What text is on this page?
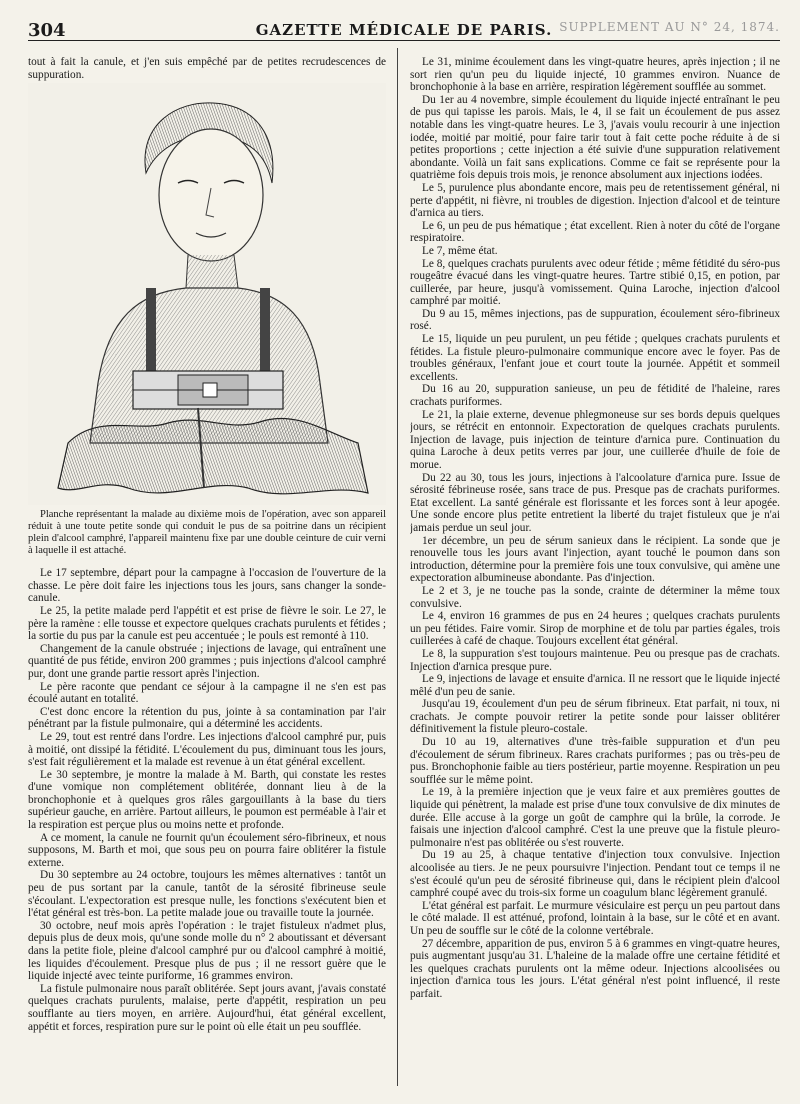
304	GAZETTE MÉDICALE DE PARIS. SUPPLEMENT AU N° 24, 1874.

tout à fait la canule, et j'en suis empêché par de petites recrudescences de suppuration.

Planche représentant la malade au dixième mois de l'opération, avec son appareil réduit à une toute petite sonde qui conduit le pus de sa poitrine dans un récipient plein d'alcool camphré, l'appareil maintenu fixe par une double ceinture de cuir verni à laquelle il est attaché.

Le 17 septembre, départ pour la campagne à l'occasion de l'ouverture de la chasse. Le père doit faire les injections tous les jours, sans changer la sonde-canule.

Le 25, la petite malade perd l'appétit et est prise de fièvre le soir. Le 27, le père la ramène : elle tousse et expectore quelques crachats purulents et fétides ; la sortie du pus par la canule est peu accentuée ; le pouls est remonté à 110.

Changement de la canule obstruée ; injections de lavage, qui entraînent une quantité de pus fétide, environ 200 grammes ; puis injections d'alcool camphré pur, dont une grande partie ressort après l'injection.

Le père raconte que pendant ce séjour à la campagne il ne s'en est pas écoulé autant en totalité.

C'est donc encore la rétention du pus, jointe à sa contamination par l'air pénétrant par la fistule pulmonaire, qui a déterminé les accidents.

Le 29, tout est rentré dans l'ordre. Les injections d'alcool camphré pur, puis à moitié, ont dissipé la fétidité. L'écoulement du pus, diminuant tous les jours, s'est fait régulièrement et la malade est revenue à un état général excellent.

Le 30 septembre, je montre la malade à M. Barth, qui constate les restes d'une vomique non complétement oblitérée, donnant lieu à de la bronchophonie et à quelques gros râles gargouillants à la base du tiers supérieur gauche, en arrière. Partout ailleurs, le poumon est perméable à l'air et la respiration est perçue plus ou moins nette et profonde.

A ce moment, la canule ne fournit qu'un écoulement séro-fibrineux, et nous supposons, M. Barth et moi, que sous peu on pourra faire oblitérer la fistule externe.

Du 30 septembre au 24 octobre, toujours les mêmes alternatives : tantôt un peu de pus sortant par la canule, tantôt de la sérosité fibrineuse seule s'écoulant. L'expectoration est presque nulle, les fonctions s'exécutent bien et l'état général est très-bon. La petite malade joue ou travaille toute la journée.

30 octobre, neuf mois après l'opération : le trajet fistuleux n'admet plus, depuis plus de deux mois, qu'une sonde molle du n° 2 aboutissant et déversant dans la petite fiole, pleine d'alcool camphré pur ou d'alcool camphré à moitié, les liquides d'écoulement. Presque plus de pus ; il ne ressort guère que le liquide injecté avec teinte puriforme, 16 grammes environ.

La fistule pulmonaire nous paraît oblitérée. Sept jours avant, j'avais constaté quelques crachats purulents, malaise, perte d'appétit, respiration un peu soufflante au tiers moyen, en arrière. Aujourd'hui, état général excellent, appétit et forces, respiration pure sur le point où elle était un peu soufflée.

Le 31, minime écoulement dans les vingt-quatre heures, après injection ; il ne sort rien qu'un peu du liquide injecté, 10 grammes environ. Nuance de bronchophonie à la base en arrière, respiration légèrement soufflée au sommet.

Du 1er au 4 novembre, simple écoulement du liquide injecté entraînant le peu de pus qui tapisse les parois. Mais, le 4, il se fait un écoulement de pus assez notable dans les vingt-quatre heures. Le 3, j'avais voulu recourir à une injection iodée, moitié par moitié, pour faire tarir tout à fait cette poche réduite à de si petites proportions ; cette injection a été suivie d'une suppuration relativement abondante. Voilà un fait sans explications. Comme ce fait se représente pour la quatrième fois depuis trois mois, je renonce absolument aux injections iodées.

Le 5, purulence plus abondante encore, mais peu de retentissement général, ni perte d'appétit, ni fièvre, ni troubles de digestion. Injection d'alcool et de teinture d'arnica au tiers.

Le 6, un peu de pus hématique ; état excellent. Rien à noter du côté de l'organe respiratoire.

Le 7, même état.

Le 8, quelques crachats purulents avec odeur fétide ; même fétidité du séro-pus rougeâtre évacué dans les vingt-quatre heures. Tartre stibié 0,15, en potion, par cuillerée, par heure, jusqu'à vomissement. Quina Laroche, injection d'alcool camphré par moitié.

Du 9 au 15, mêmes injections, pas de suppuration, écoulement séro-fibrineux rosé.

Le 15, liquide un peu purulent, un peu fétide ; quelques crachats purulents et fétides. La fistule pleuro-pulmonaire communique encore avec le foyer. Pas de troubles généraux, l'enfant joue et court toute la journée. Appétit et sommeil excellents.

Du 16 au 20, suppuration sanieuse, un peu de fétidité de l'haleine, rares crachats puriformes.

Le 21, la plaie externe, devenue phlegmoneuse sur ses bords depuis quelques jours, se rétrécit en entonnoir. Expectoration de quelques crachats purulents. Injection de lavage, puis injection de teinture d'arnica pure. Continuation du quina Laroche à deux petits verres par jour, une cuillerée d'huile de foie de morue.

Du 22 au 30, tous les jours, injections à l'alcoolature d'arnica pure. Issue de sérosité fébrineuse rosée, sans trace de pus. Presque pas de crachats puriformes. Etat excellent. La santé générale est florissante et les forces sont à leur apogée. Une sonde encore plus petite entretient la liberté du trajet fistuleux que je n'ai jamais perdue un seul jour.

1er décembre, un peu de sérum sanieux dans le récipient. La sonde que je renouvelle tous les jours avant l'injection, ayant touché le poumon dans son introduction, détermine pour la première fois une toux convulsive, qui amène une expectoration albumineuse abondante. Pas d'injection.

Le 2 et 3, je ne touche pas la sonde, crainte de déterminer la même toux convulsive.

Le 4, environ 16 grammes de pus en 24 heures ; quelques crachats purulents un peu fétides. Faire vomir. Sirop de morphine et de tolu par parties égales, trois cuillerées à café de chaque. Toujours excellent état général.

Le 8, la suppuration s'est toujours maintenue. Peu ou presque pas de crachats. Injection d'arnica presque pure.

Le 9, injections de lavage et ensuite d'arnica. Il ne ressort que le liquide injecté mêlé d'un peu de sanie.

Jusqu'au 19, écoulement d'un peu de sérum fibrineux. Etat parfait, ni toux, ni crachats. Je compte pouvoir retirer la petite sonde pour laisser oblitérer définitivement la fistule pleuro-costale.

Du 10 au 19, alternatives d'une très-faible suppuration et d'un peu d'écoulement de sérum fibrineux. Rares crachats puriformes ; pas ou très-peu de pus. Bronchophonie faible au tiers postérieur, partie moyenne. Respiration un peu soufflée sur le même point.

Le 19, à la première injection que je veux faire et aux premières gouttes de liquide qui pénètrent, la malade est prise d'une toux convulsive de dix minutes de durée. Elle accuse à la gorge un goût de camphre qui la brûle, la corrode. Je faisais une injection d'alcool camphré. C'est la une preuve que la fistule pleuro-pulmonaire n'est pas oblitérée ou s'est rouverte.

Du 19 au 25, à chaque tentative d'injection toux convulsive. Injection alcoolisée au tiers. Je ne peux poursuivre l'injection. Pendant tout ce temps il ne s'est écoulé qu'un peu de sérosité fibrineuse qui, dans le récipient plein d'alcool camphré coupé avec du trois-six forme un coagulum blanc légèrement granulé.

L'état général est parfait. Le murmure vésiculaire est perçu un peu partout dans le côté malade. Il est atténué, profond, lointain à la base, sur le côté et en avant. Un peu de souffle sur le côté de la colonne vertébrale.

27 décembre, apparition de pus, environ 5 à 6 grammes en vingt-quatre heures, puis augmentant jusqu'au 31. L'haleine de la malade offre une certaine fétidité et les quelques crachats purulents ont la même odeur. Injections alcoolisées ou injection d'arnica tous les jours. L'état général n'est point influencé, il reste parfait.
